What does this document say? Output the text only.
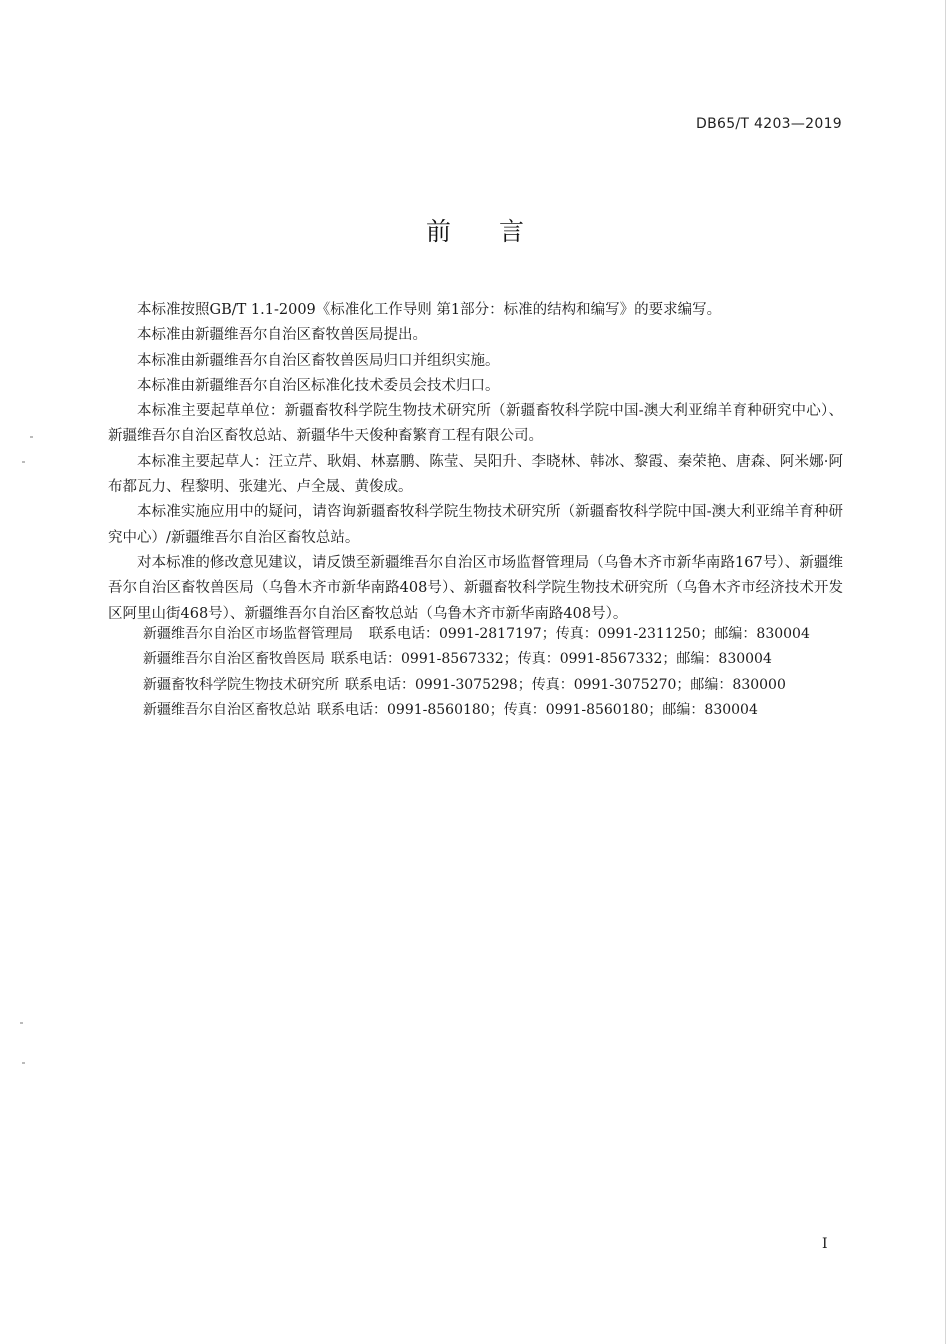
DB65/T 4203—2019
前 言

本标准按照GB/T 1.1-2009《标准化工作导则 第1部分：标准的结构和编写》的要求编写。

本标准由新疆维吾尔自治区畜牧兽医局提出。

本标准由新疆维吾尔自治区畜牧兽医局归口并组织实施。

本标准由新疆维吾尔自治区标准化技术委员会技术归口。

本标准主要起草单位：新疆畜牧科学院生物技术研究所（新疆畜牧科学院中国-澳大利亚绵羊育种研究中心）、新疆维吾尔自治区畜牧总站、新疆华牛天俊种畜繁育工程有限公司。

本标准主要起草人：汪立芹、耿娟、林嘉鹏、陈莹、吴阳升、李晓林、韩冰、黎霞、秦荣艳、唐森、阿米娜·阿布都瓦力、程黎明、张建光、卢全晟、黄俊成。

本标准实施应用中的疑问，请咨询新疆畜牧科学院生物技术研究所（新疆畜牧科学院中国-澳大利亚绵羊育种研究中心）/新疆维吾尔自治区畜牧总站。

对本标准的修改意见建议，请反馈至新疆维吾尔自治区市场监督管理局（乌鲁木齐市新华南路167号）、新疆维吾尔自治区畜牧兽医局（乌鲁木齐市新华南路408号）、新疆畜牧科学院生物技术研究所（乌鲁木齐市经济技术开发区阿里山街468号）、新疆维吾尔自治区畜牧总站（乌鲁木齐市新华南路408号）。

新疆维吾尔自治区市场监督管理局 联系电话：0991-2817197；传真：0991-2311250；邮编：830004
新疆维吾尔自治区畜牧兽医局 联系电话：0991-8567332；传真：0991-8567332；邮编：830004
新疆畜牧科学院生物技术研究所 联系电话：0991-3075298；传真：0991-3075270；邮编：830000
新疆维吾尔自治区畜牧总站 联系电话：0991-8560180；传真：0991-8560180；邮编：830004
I
